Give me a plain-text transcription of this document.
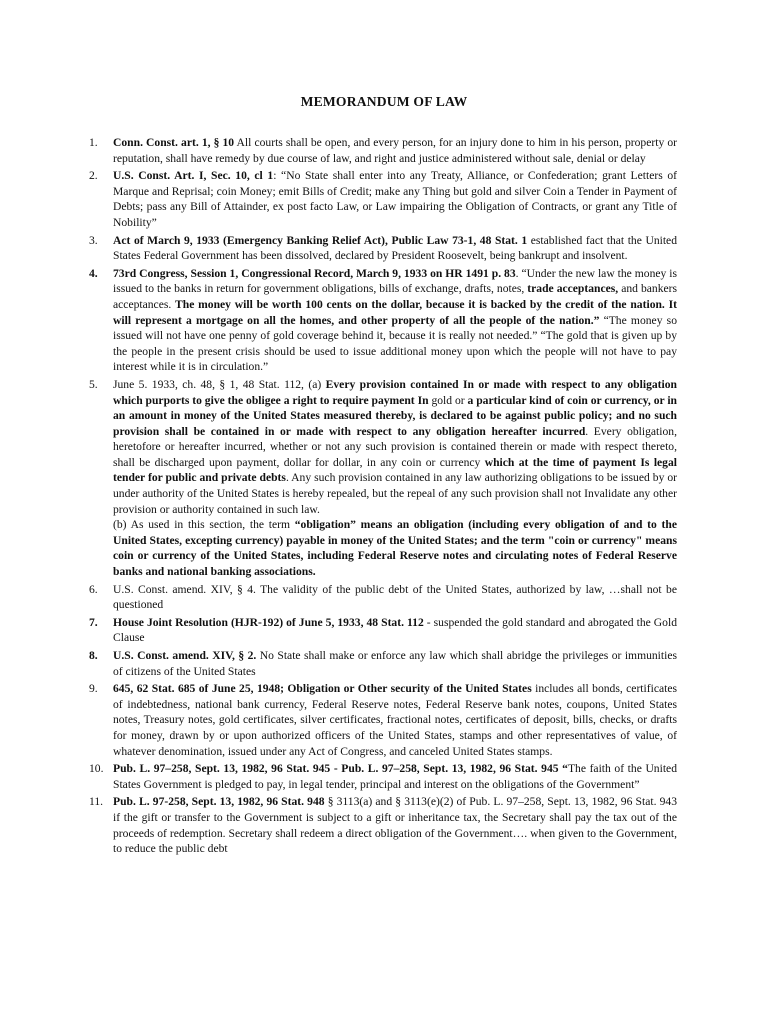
MEMORANDUM OF LAW
1.	Conn. Const. art. 1, § 10 All courts shall be open, and every person, for an injury done to him in his person, property or reputation, shall have remedy by due course of law, and right and justice administered without sale, denial or delay
2.	U.S. Const. Art. I, Sec. 10, cl 1: “No State shall enter into any Treaty, Alliance, or Confederation; grant Letters of Marque and Reprisal; coin Money; emit Bills of Credit; make any Thing but gold and silver Coin a Tender in Payment of Debts; pass any Bill of Attainder, ex post facto Law, or Law impairing the Obligation of Contracts, or grant any Title of Nobility”
3.	Act of March 9, 1933 (Emergency Banking Relief Act), Public Law 73-1, 48 Stat. 1 established fact that the United States Federal Government has been dissolved, declared by President Roosevelt, being bankrupt and insolvent.
4.	73rd Congress, Session 1, Congressional Record, March 9, 1933 on HR 1491 p. 83. “Under the new law the money is issued to the banks in return for government obligations, bills of exchange, drafts, notes, trade acceptances, and bankers acceptances. The money will be worth 100 cents on the dollar, because it is backed by the credit of the nation. It will represent a mortgage on all the homes, and other property of all the people of the nation.” “The money so issued will not have one penny of gold coverage behind it, because it is really not needed.” “The gold that is given up by the people in the present crisis should be used to issue additional money upon which the people will not have to pay interest while it is in circulation.”
5.	June 5. 1933, ch. 48, § 1, 48 Stat. 112, (a) Every provision contained In or made with respect to any obligation which purports to give the obligee a right to require payment In gold or a particular kind of coin or currency, or in an amount in money of the United States measured thereby, is declared to be against public policy; and no such provision shall be contained in or made with respect to any obligation hereafter incurred. Every obligation, heretofore or hereafter incurred, whether or not any such provision is contained therein or made with respect thereto, shall be discharged upon payment, dollar for dollar, in any coin or currency which at the time of payment Is legal tender for public and private debts. Any such provision contained in any law authorizing obligations to be issued by or under authority of the United States is hereby repealed, but the repeal of any such provision shall not Invalidate any other provision or authority contained in such law.
(b) As used in this section, the term “obligation” means an obligation (including every obligation of and to the United States, excepting currency) payable in money of the United States; and the term "coin or currency" means coin or currency of the United States, including Federal Reserve notes and circulating notes of Federal Reserve banks and national banking associations.
6.	U.S. Const. amend. XIV, § 4. The validity of the public debt of the United States, authorized by law, …shall not be questioned
7.	House Joint Resolution (HJR-192) of June 5, 1933, 48 Stat. 112 - suspended the gold standard and abrogated the Gold Clause
8.	U.S. Const. amend. XIV, § 2. No State shall make or enforce any law which shall abridge the privileges or immunities of citizens of the United States
9.	645, 62 Stat. 685 of June 25, 1948; Obligation or Other security of the United States includes all bonds, certificates of indebtedness, national bank currency, Federal Reserve notes, Federal Reserve bank notes, coupons, United States notes, Treasury notes, gold certificates, silver certificates, fractional notes, certificates of deposit, bills, checks, or drafts for money, drawn by or upon authorized officers of the United States, stamps and other representatives of value, of whatever denomination, issued under any Act of Congress, and canceled United States stamps.
10. Pub. L. 97–258, Sept. 13, 1982, 96 Stat. 945 - Pub. L. 97–258, Sept. 13, 1982, 96 Stat. 945 “The faith of the United States Government is pledged to pay, in legal tender, principal and interest on the obligations of the Government”
11. Pub. L. 97-258, Sept. 13, 1982, 96 Stat. 948 § 3113(a) and § 3113(e)(2) of Pub. L. 97–258, Sept. 13, 1982, 96 Stat. 943 if the gift or transfer to the Government is subject to a gift or inheritance tax, the Secretary shall pay the tax out of the proceeds of redemption. Secretary shall redeem a direct obligation of the Government…. when given to the Government, to reduce the public debt
